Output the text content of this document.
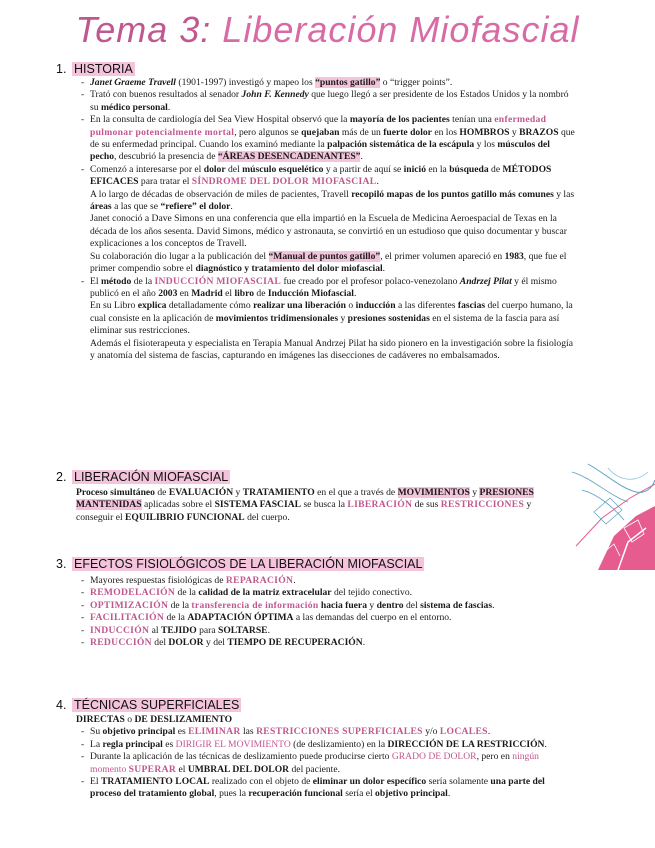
Tema 3: Liberación Miofascial
1. HISTORIA
- Janet Graeme Travell (1901-1997) investigó y mapeo los “puntos gatillo” o “trigger points”.
- Trató con buenos resultados al senador John F. Kennedy que luego llegó a ser presidente de los Estados Unidos y la nombró su médico personal.
- En la consulta de cardiología del Sea View Hospital observó que la mayoría de los pacientes tenían una enfermedad pulmonar potencialmente mortal, pero algunos se quejaban más de un fuerte dolor en los HOMBROS y BRAZOS que de su enfermedad principal. Cuando los examinó mediante la palpación sistemática de la escápula y los músculos del pecho, descubrió la presencia de “ÁREAS DESENCADENANTES”.
- Comenzó a interesarse por el dolor del músculo esquelético y a partir de aquí se inició en la búsqueda de MÉTODOS EFICACES para tratar el SÍNDROME DEL DOLOR MIOFASCIAL.

A lo largo de décadas de observación de miles de pacientes, Travell recopiló mapas de los puntos gatillo más comunes y las áreas a las que se “refiere” el dolor.

Janet conoció a Dave Simons en una conferencia que ella impartió en la Escuela de Medicina Aeroespacial de Texas en la década de los años sesenta. David Simons, médico y astronauta, se convirtió en un estudioso que quiso documentar y buscar explicaciones a los conceptos de Travell.

Su colaboración dio lugar a la publicación del “Manual de puntos gatillo”, el primer volumen apareció en 1983, que fue el primer compendio sobre el diagnóstico y tratamiento del dolor miofascial.

- El método de la INDUCCIÓN MIOFASCIAL fue creado por el profesor polaco-venezolano Andrzej Pilat y él mismo publicó en el año 2003 en Madrid el libro de Inducción Miofascial.

En su Libro explica detalladamente cómo realizar una liberación o inducción a las diferentes fascias del cuerpo humano, la cual consiste en la aplicación de movimientos tridimensionales y presiones sostenidas en el sistema de la fascia para así eliminar sus restricciones.

Además el fisioterapeuta y especialista en Terapia Manual Andrzej Pilat ha sido pionero en la investigación sobre la fisiología y anatomía del sistema de fascias, capturando en imágenes las disecciones de cadáveres no embalsamados.

2. LIBERACIÓN MIOFASCIAL

Proceso simultáneo de EVALUACIÓN y TRATAMIENTO en el que a través de MOVIMIENTOS y PRESIONES MANTENIDAS aplicadas sobre el SISTEMA FASCIAL se busca la LIBERACIÓN de sus RESTRICCIONES y conseguir el EQUILIBRIO FUNCIONAL del cuerpo.

3. EFECTOS FISIOLÓGICOS DE LA LIBERACIÓN MIOFASCIAL
- Mayores respuestas fisiológicas de REPARACIÓN.
- REMODELACIÓN de la calidad de la matriz extracelular del tejido conectivo.
- OPTIMIZACIÓN de la transferencia de información hacia fuera y dentro del sistema de fascias.
- FACILITACIÓN de la ADAPTACIÓN ÓPTIMA a las demandas del cuerpo en el entorno.
- INDUCCIÓN al TEJIDO para SOLTARSE.
- REDUCCIÓN del DOLOR y del TIEMPO DE RECUPERACIÓN.
4. TÉCNICAS SUPERFICIALES
DIRECTAS o DE DESLIZAMIENTO
- Su objetivo principal es ELIMINAR las RESTRICCIONES SUPERFICIALES y/o LOCALES.
- La regla principal es DIRIGIR EL MOVIMIENTO (de deslizamiento) en la DIRECCIÓN DE LA RESTRICCIÓN.
- Durante la aplicación de las técnicas de deslizamiento puede producirse cierto GRADO DE DOLOR, pero en ningún momento SUPERAR el UMBRAL DEL DOLOR del paciente.
- El TRATAMIENTO LOCAL realizado con el objeto de eliminar un dolor específico sería solamente una parte del proceso del tratamiento global, pues la recuperación funcional sería el objetivo principal.
